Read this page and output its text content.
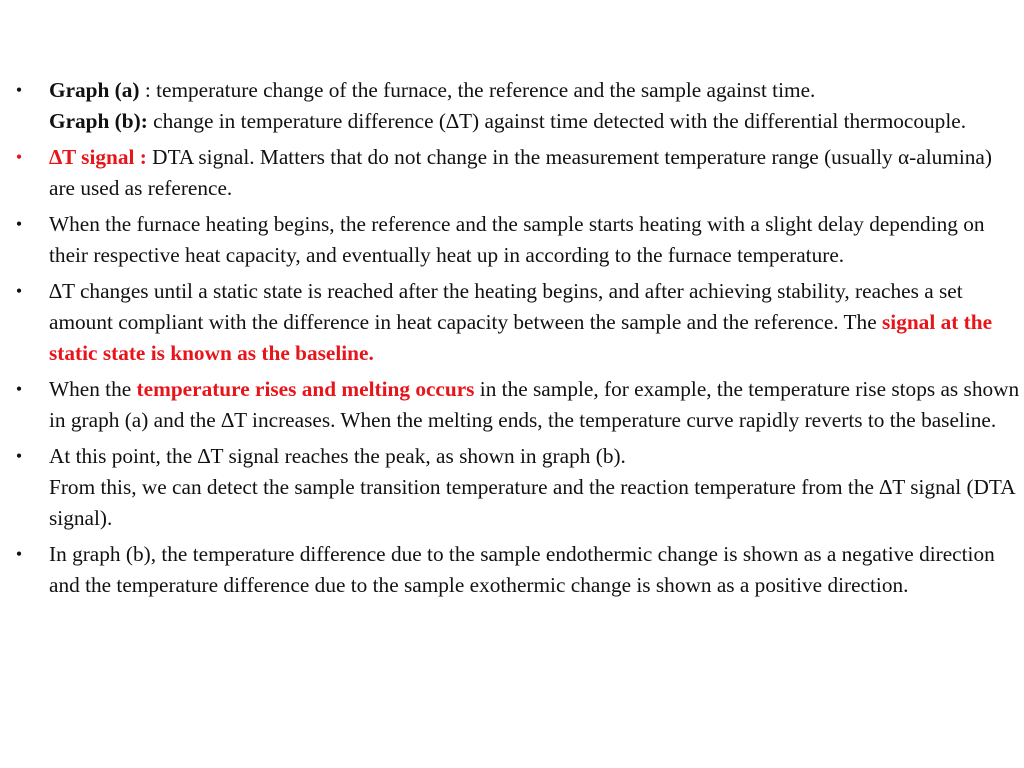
• Graph (a) : temperature change of the furnace, the reference and the sample against time.
Graph (b): change in temperature difference (∆T) against time detected with the differential thermocouple.
• ∆T signal : DTA signal. Matters that do not change in the measurement temperature range (usually α-alumina) are used as reference.
• When the furnace heating begins, the reference and the sample starts heating with a slight delay depending on their respective heat capacity, and eventually heat up in according to the furnace temperature.
• ∆T changes until a static state is reached after the heating begins, and after achieving stability, reaches a set amount compliant with the difference in heat capacity between the sample and the reference. The signal at the static state is known as the baseline.
• When the temperature rises and melting occurs in the sample, for example, the temperature rise stops as shown in graph (a) and the ∆T increases. When the melting ends, the temperature curve rapidly reverts to the baseline.
• At this point, the ∆T signal reaches the peak, as shown in graph (b).
From this, we can detect the sample transition temperature and the reaction temperature from the ∆T signal (DTA signal).
• In graph (b), the temperature difference due to the sample endothermic change is shown as a negative direction and the temperature difference due to the sample exothermic change is shown as a positive direction.
